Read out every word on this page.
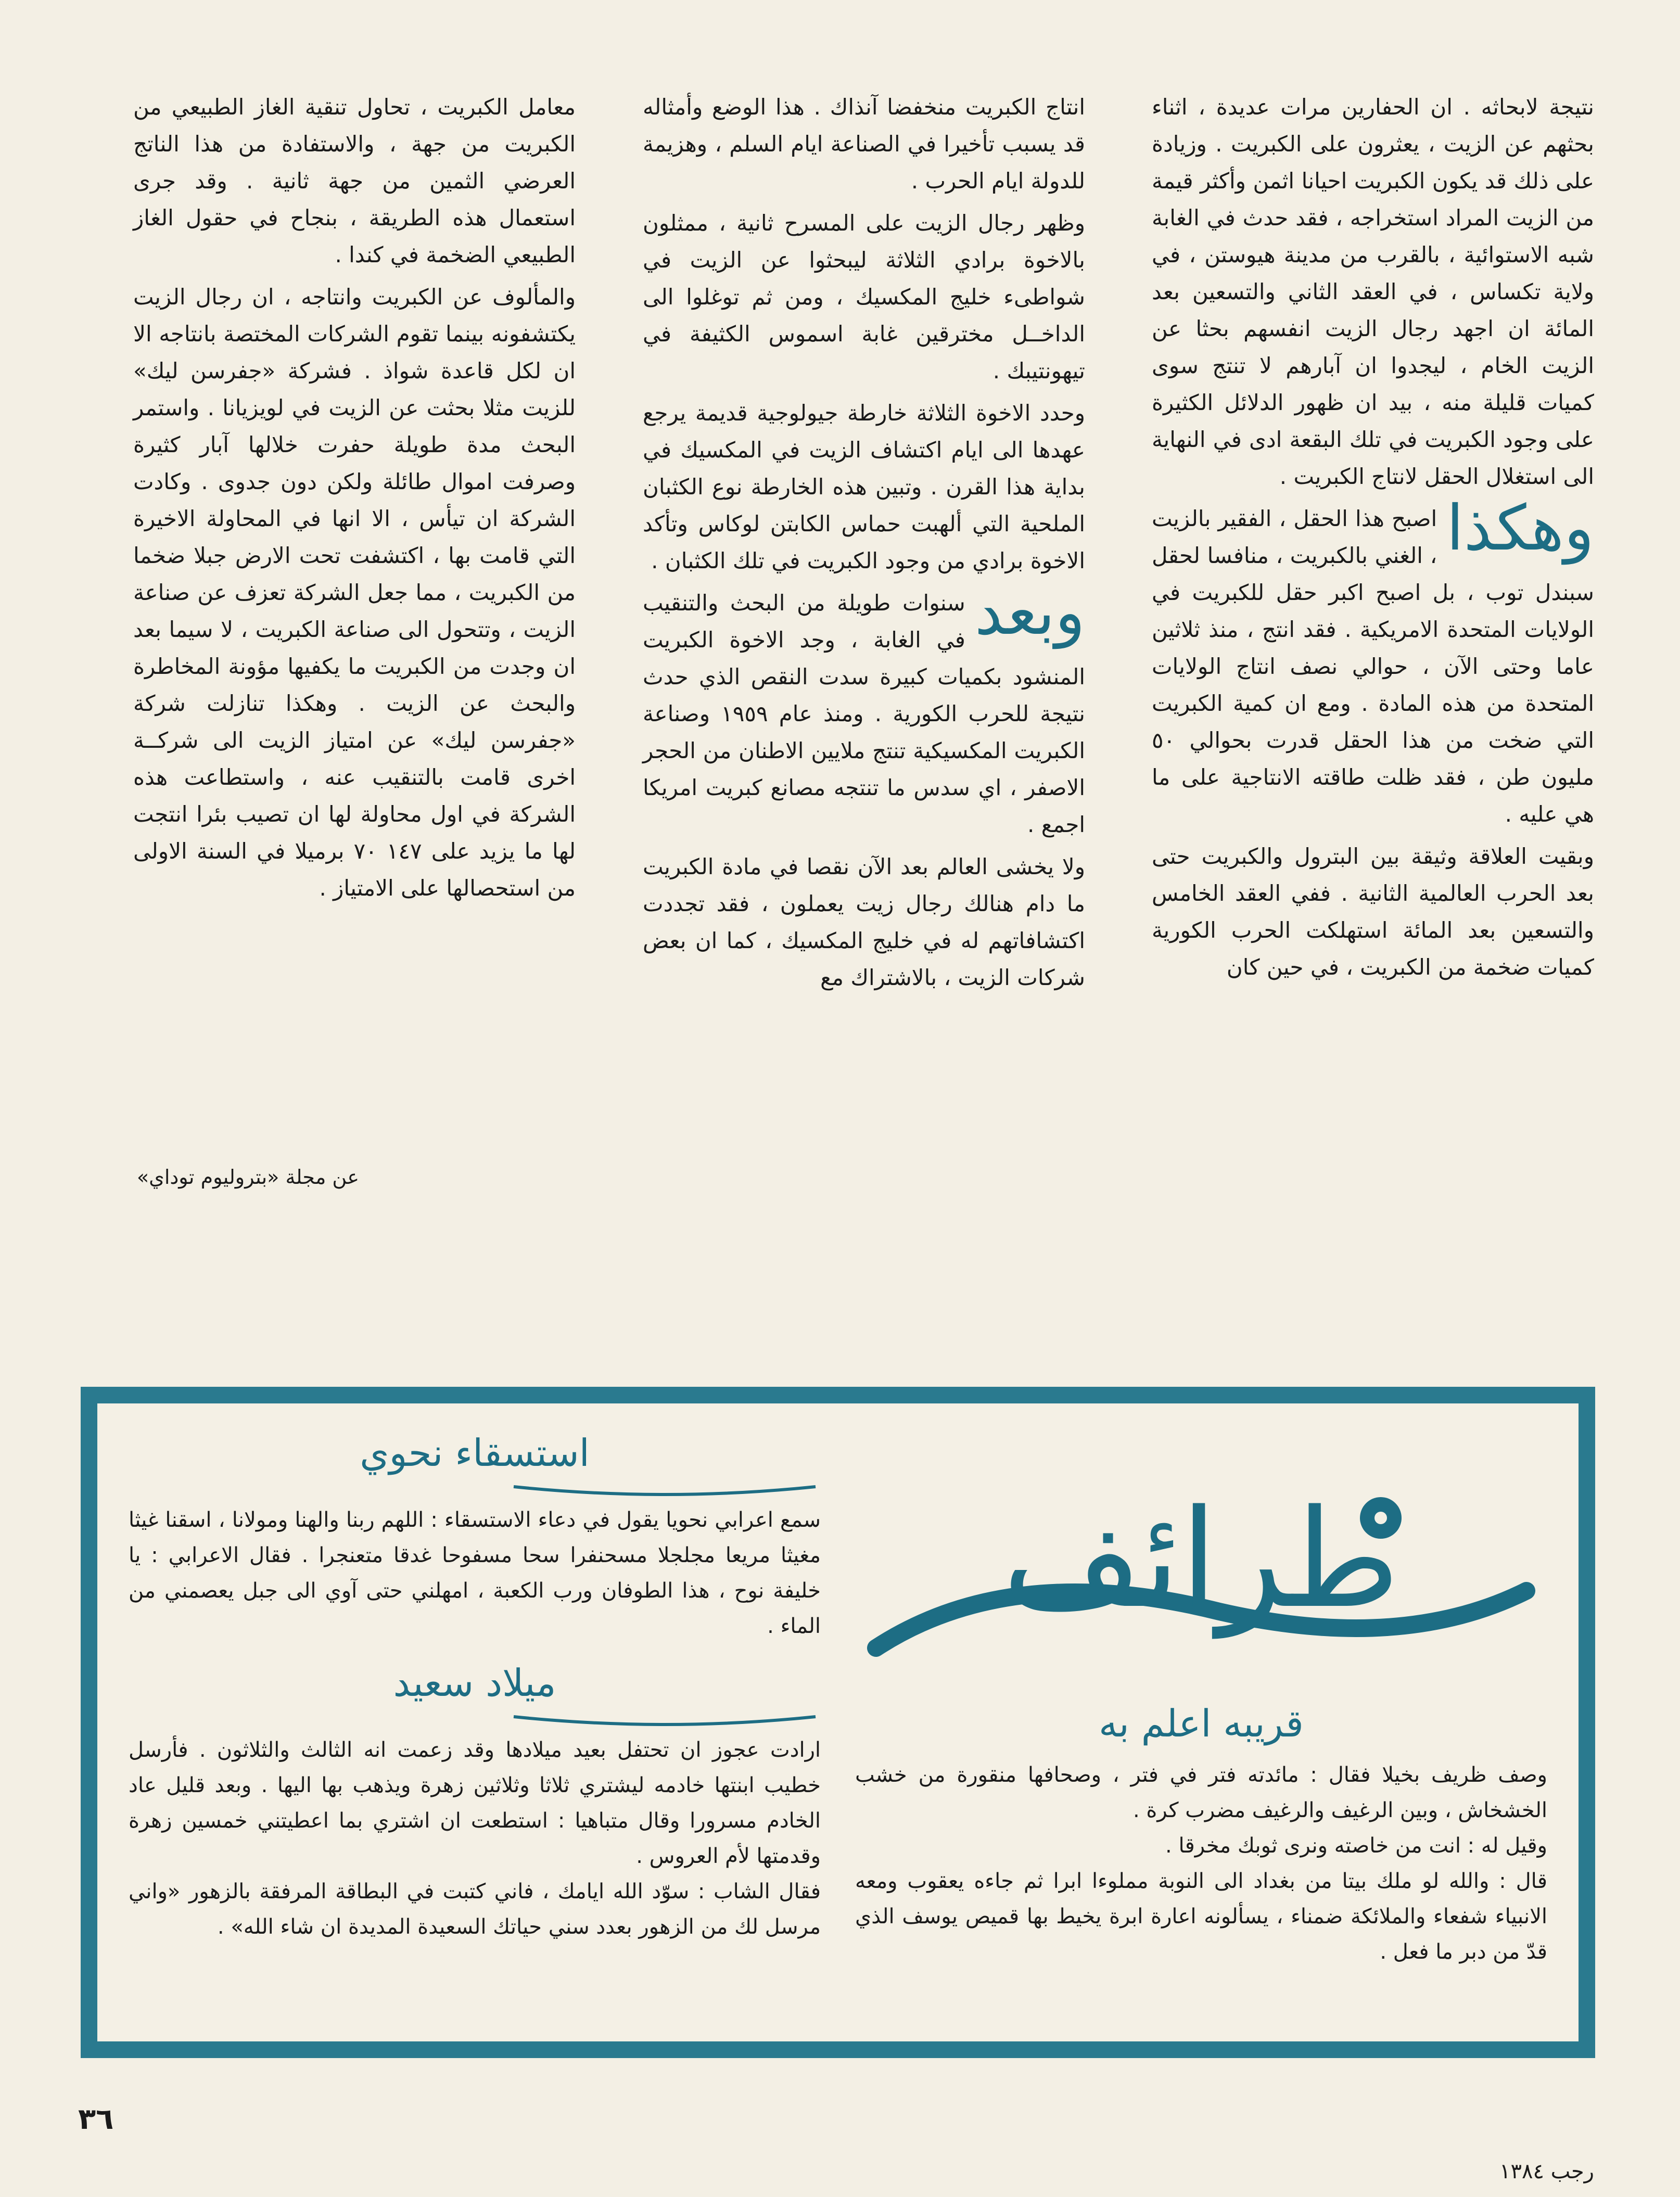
نتيجة لابحاثه . ان الحفارين مرات عديدة ، اثناء بحثهم عن الزيت ، يعثرون على الكبريت . وزيادة على ذلك قد يكون الكبريت احيانا اثمن وأكثر قيمة من الزيت المراد استخراجه ، فقد حدث في الغابة شبه الاستوائية ، بالقرب من مدينة هيوستن ، في ولاية تكساس ، في العقد الثاني والتسعين بعد المائة ان اجهد رجال الزيت انفسهم بحثا عن الزيت الخام ، ليجدوا ان آبارهم لا تنتج سوى كميات قليلة منه ، بيد ان ظهور الدلائل الكثيرة على وجود الكبريت في تلك البقعة ادى في النهاية الى استغلال الحقل لانتاج الكبريت .

وهكذا
اصبح هذا الحقل ، الفقير بالزيت ، الغني بالكبريت ، منافسا لحقل سبندل توب ، بل اصبح اكبر حقل للكبريت في الولايات المتحدة الامريكية . فقد انتج ، منذ ثلاثين عاما وحتى الآن ، حوالي نصف انتاج الولايات المتحدة من هذه المادة . ومع ان كمية الكبريت التي ضخت من هذا الحقل قدرت بحوالي ٥٠ مليون طن ، فقد ظلت طاقته الانتاجية على ما هي عليه .

وبقيت العلاقة وثيقة بين البترول والكبريت حتى بعد الحرب العالمية الثانية . ففي العقد الخامس والتسعين بعد المائة استهلكت الحرب الكورية كميات ضخمة من الكبريت ، في حين كان

انتاج الكبريت منخفضا آنذاك . هذا الوضع وأمثاله قد يسبب تأخيرا في الصناعة ايام السلم ، وهزيمة للدولة ايام الحرب .

وظهر رجال الزيت على المسرح ثانية ، ممثلون بالاخوة برادي الثلاثة ليبحثوا عن الزيت في شواطىء خليج المكسيك ، ومن ثم توغلوا الى الداخــل مخترقين غابة اسموس الكثيفة في تيهونتيبك .

وحدد الاخوة الثلاثة خارطة جيولوجية قديمة يرجع عهدها الى ايام اكتشاف الزيت في المكسيك في بداية هذا القرن . وتبين هذه الخارطة نوع الكثبان الملحية التي ألهبت حماس الكابتن لوكاس وتأكد الاخوة برادي من وجود الكبريت في تلك الكثبان .

وبعد
سنوات طويلة من البحث والتنقيب في الغابة ، وجد الاخوة الكبريت المنشود بكميات كبيرة سدت النقص الذي حدث نتيجة للحرب الكورية . ومنذ عام ١٩٥٩ وصناعة الكبريت المكسيكية تنتج ملايين الاطنان من الحجر الاصفر ، اي سدس ما تنتجه مصانع كبريت امريكا اجمع .

ولا يخشى العالم بعد الآن نقصا في مادة الكبريت ما دام هنالك رجال زيت يعملون ، فقد تجددت اكتشافاتهم له في خليج المكسيك ، كما ان بعض شركات الزيت ، بالاشتراك مع

معامل الكبريت ، تحاول تنقية الغاز الطبيعي من الكبريت من جهة ، والاستفادة من هذا الناتج العرضي الثمين من جهة ثانية . وقد جرى استعمال هذه الطريقة ، بنجاح في حقول الغاز الطبيعي الضخمة في كندا .

والمألوف عن الكبريت وانتاجه ، ان رجال الزيت يكتشفونه بينما تقوم الشركات المختصة بانتاجه الا ان لكل قاعدة شواذ . فشركة «جفرسن ليك» للزيت مثلا بحثت عن الزيت في لويزيانا . واستمر البحث مدة طويلة حفرت خلالها آبار كثيرة وصرفت اموال طائلة ولكن دون جدوى . وكادت الشركة ان تيأس ، الا انها في المحاولة الاخيرة التي قامت بها ، اكتشفت تحت الارض جبلا ضخما من الكبريت ، مما جعل الشركة تعزف عن صناعة الزيت ، وتتحول الى صناعة الكبريت ، لا سيما بعد ان وجدت من الكبريت ما يكفيها مؤونة المخاطرة والبحث عن الزيت . وهكذا تنازلت شركة «جفرسن ليك» عن امتياز الزيت الى شركــة اخرى قامت بالتنقيب عنه ، واستطاعت هذه الشركة في اول محاولة لها ان تصيب بئرا انتجت لها ما يزيد على ١٤٧ ٧٠ برميلا في السنة الاولى من استحصالها على الامتياز .

عن مجلة «بتروليوم توداي»
استسقاء نحوي

سمع اعرابي نحويا يقول في دعاء الاستسقاء : اللهم ربنا والهنا ومولانا ، اسقنا غيثا مغيثا مريعا مجلجلا مسحنفرا سحا مسفوحا غدقا متعنجرا . فقال الاعرابي : يا خليفة نوح ، هذا الطوفان ورب الكعبة ، امهلني حتى آوي الى جبل يعصمني من الماء .

ميلاد سعيد

ارادت عجوز ان تحتفل بعيد ميلادها وقد زعمت انه الثالث والثلاثون . فأرسل خطيب ابنتها خادمه ليشتري ثلاثا وثلاثين زهرة ويذهب بها اليها . وبعد قليل عاد الخادم مسرورا وقال متباهيا : استطعت ان اشتري بما اعطيتني خمسين زهرة وقدمتها لأم العروس .

فقال الشاب : سوّد الله ايامك ، فاني كتبت في البطاقة المرفقة بالزهور «واني مرسل لك من الزهور بعدد سني حياتك السعيدة المديدة ان شاء الله» .

طرائف
قريبه اعلم به

وصف ظريف بخيلا فقال : مائدته فتر في فتر ، وصحافها منقورة من خشب الخشخاش ، وبين الرغيف والرغيف مضرب كرة .

وقيل له : انت من خاصته ونرى ثوبك مخرقا .

قال : والله لو ملك بيتا من بغداد الى النوبة مملوءا ابرا ثم جاءه يعقوب ومعه الانبياء شفعاء والملائكة ضمناء ، يسألونه اعارة ابرة يخيط بها قميص يوسف الذي قدّ من دبر ما فعل .

٣٦
رجب ١٣٨٤
